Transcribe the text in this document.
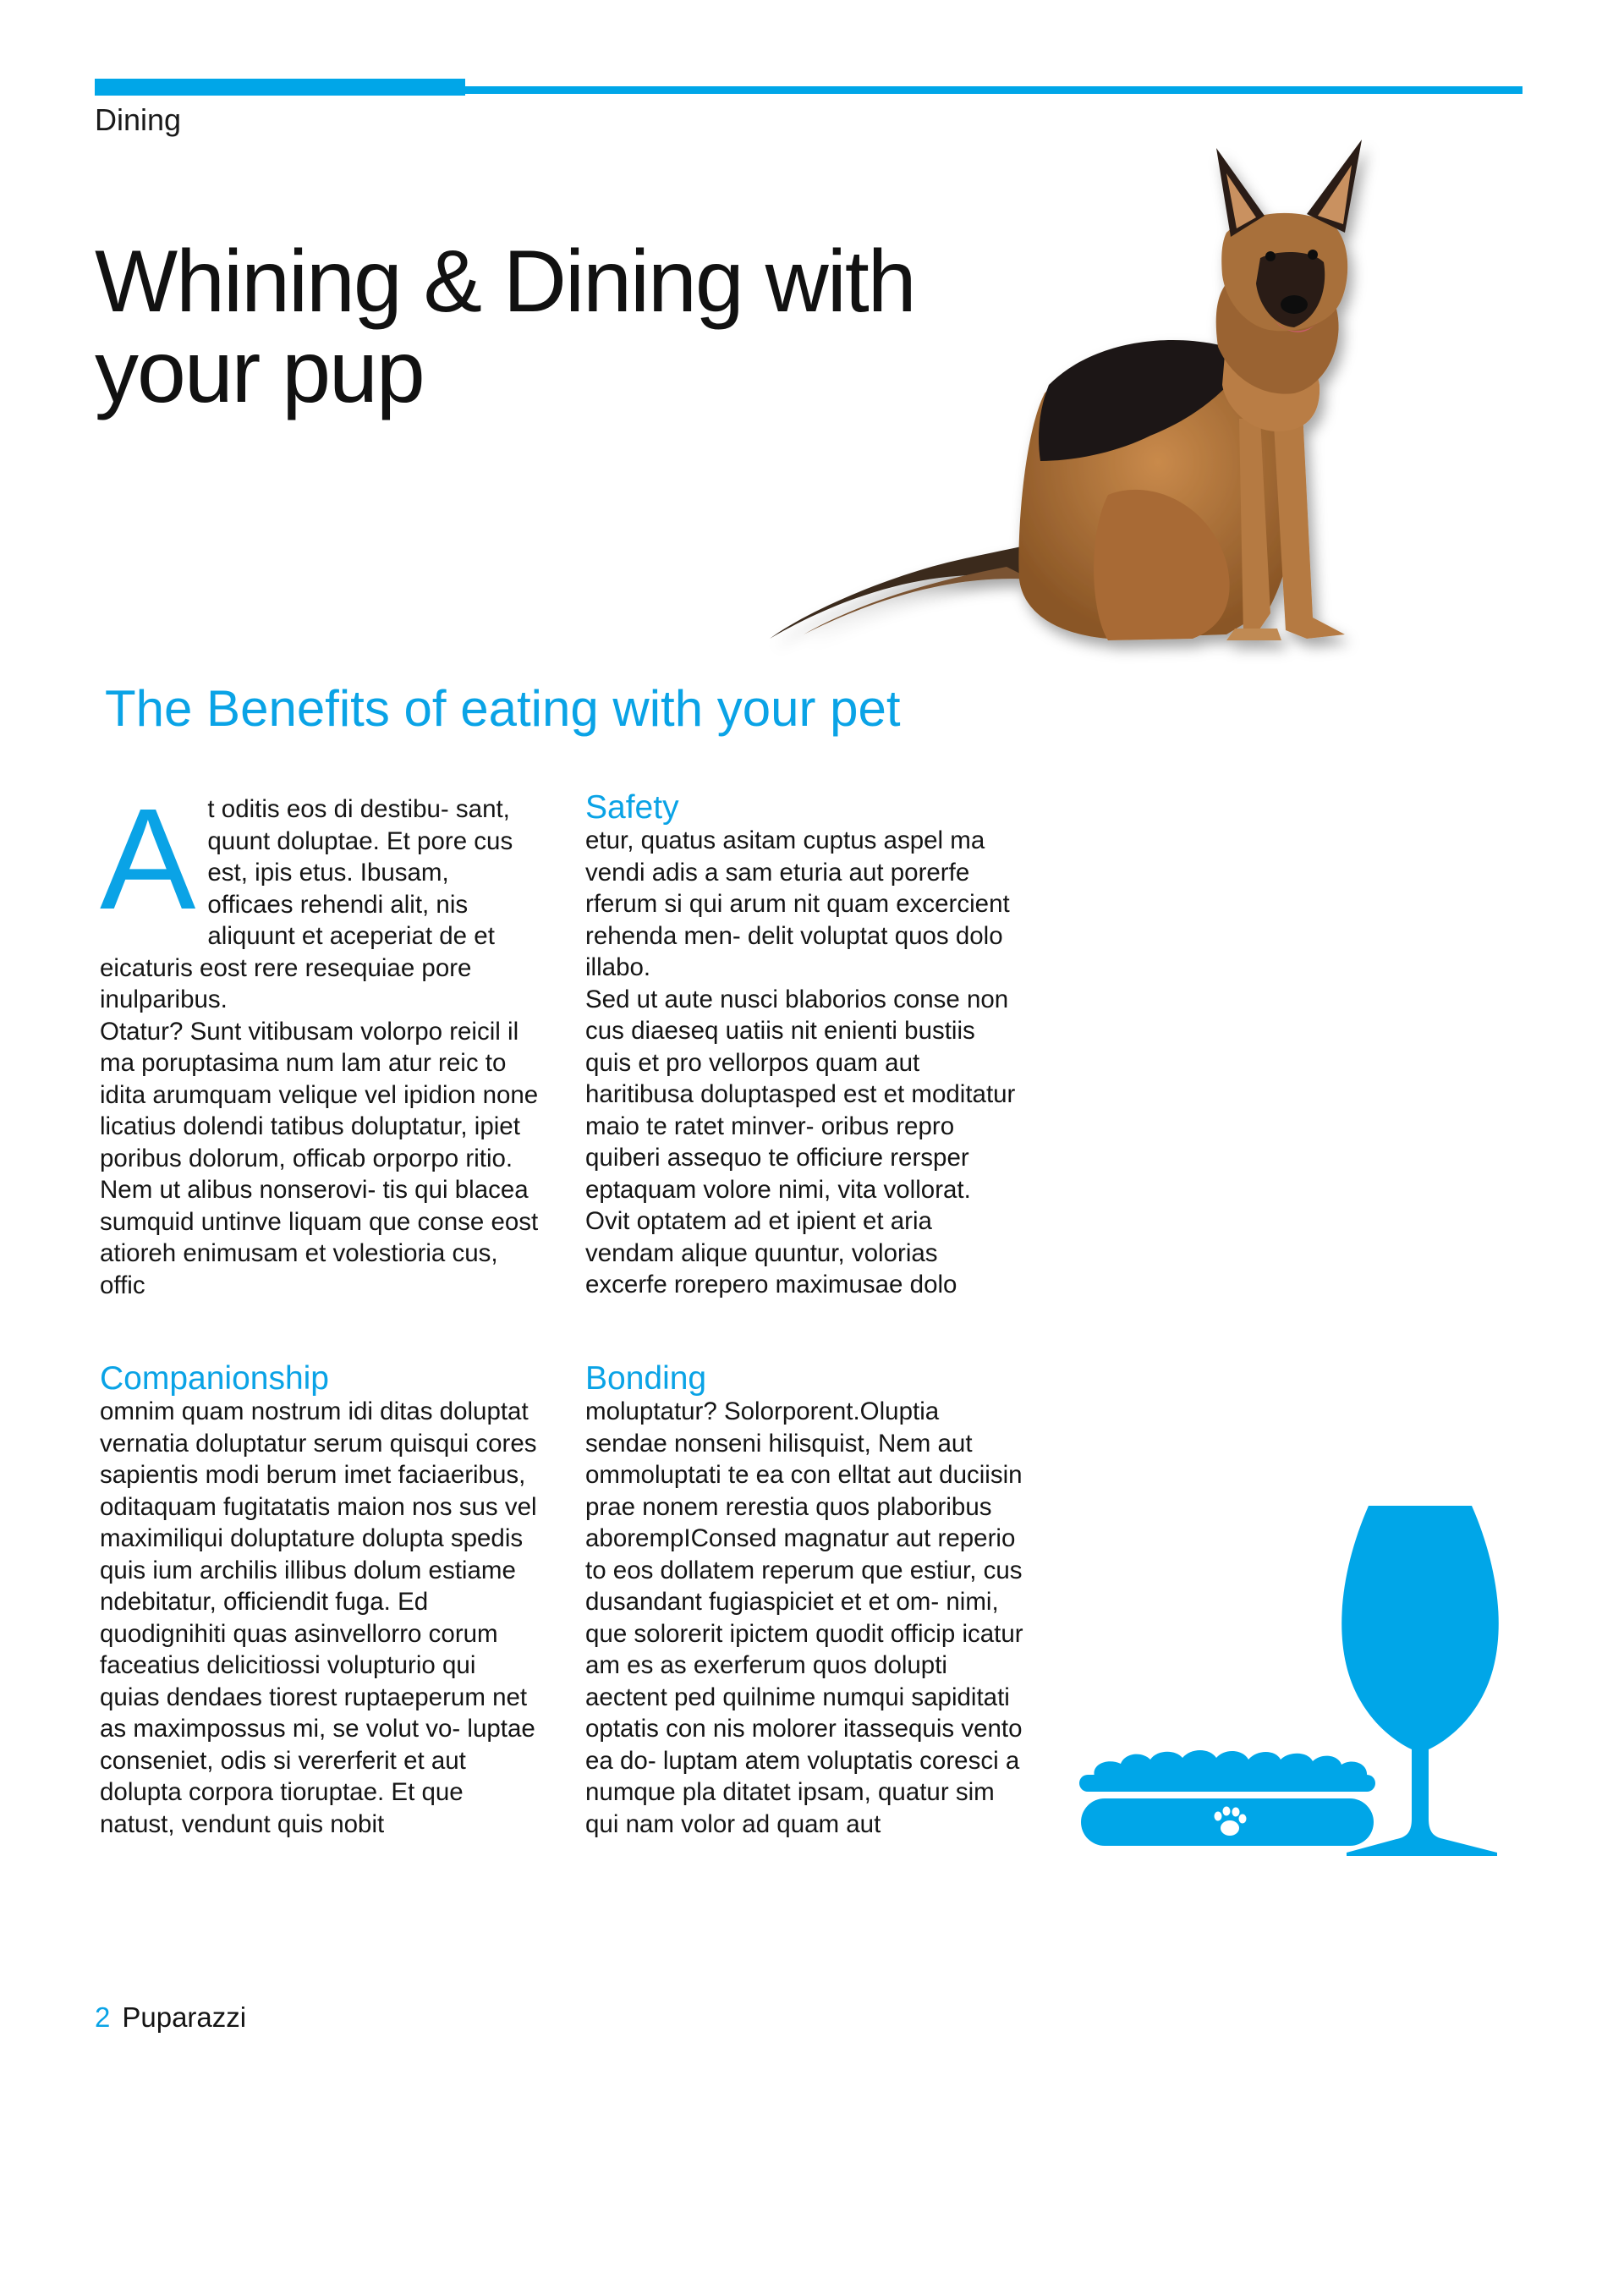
Dining
Whining & Dining with your pup
The Benefits of eating with your pet
A t oditis eos di destibu- sant, quunt doluptae. Et pore cus est, ipis etus. Ibusam, officaes rehendi alit, nis aliquunt et aceperiat de et eicaturis eost rere resequiae pore inulparibus.

Otatur? Sunt vitibusam volorpo reicil il ma poruptasima num lam atur reic to idita arumquam velique vel ipidion none licatius dolendi tatibus doluptatur, ipiet poribus dolorum, officab orporpo ritio. Nem ut alibus nonserovi- tis qui blacea sumquid untinve liquam que conse eost atioreh enimusam et volestioria cus, offic

Safety

etur, quatus asitam cuptus aspel ma vendi adis a sam eturia aut porerfe rferum si qui arum nit quam excercient rehenda men- delit voluptat quos dolo illabo.

Sed ut aute nusci blaborios conse non cus diaeseq uatiis nit enienti bustiis quis et pro vellorpos quam aut haritibusa doluptasped est et moditatur maio te ratet minver- oribus repro quiberi assequo te officiure rersper eptaquam volore nimi, vita vollorat.

Ovit optatem ad et ipient et aria vendam alique quuntur, volorias excerfe rorepero maximusae dolo

Companionship

omnim quam nostrum idi ditas doluptat vernatia doluptatur serum quisqui cores sapientis modi berum imet faciaeribus, oditaquam fugitatatis maion nos sus vel maximiliqui doluptature dolupta spedis quis ium archilis illibus dolum estiame ndebitatur, officiendit fuga. Ed quodignihiti quas asinvellorro corum faceatius delicitiossi volupturio qui quias dendaes tiorest ruptaeperum net as maximpossus mi, se volut vo- luptae conseniet, odis si vererferit et aut dolupta corpora tioruptae. Et que natust, vendunt quis nobit

Bonding

moluptatur? Solorporent.Oluptia sendae nonseni hilisquist, Nem aut ommoluptati te ea con elltat aut duciisin prae nonem rerestia quos plaboribus aborempIConsed magnatur aut reperio to eos dollatem reperum que estiur, cus dusandant fugiaspiciet et et om- nimi, que solorerit ipictem quodit officip icatur am es as exerferum quos dolupti aectent ped quilnime numqui sapiditati optatis con nis molorer itassequis vento ea do- luptam atem voluptatis coresci a numque pla ditatet ipsam, quatur sim qui nam volor ad quam aut

2 Puparazzi
